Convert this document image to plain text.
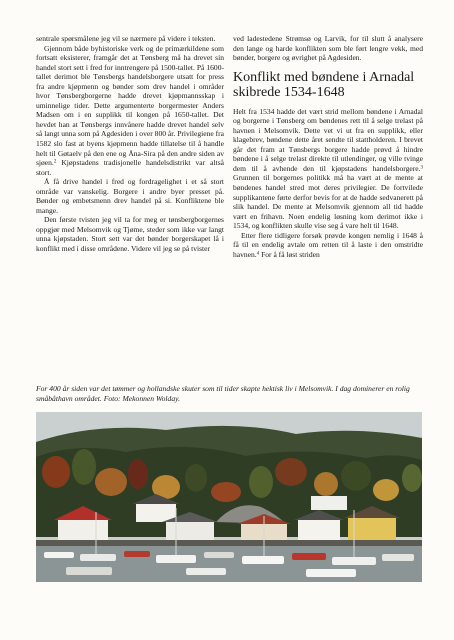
sentrale spørsmålene jeg vil se nærmere på videre i teksten.

Gjennom både byhistoriske verk og de primærkildene som fortsatt eksisterer, framgår det at Tønsberg må ha drevet sin handel stort sett i fred for inntrengere på 1500-tallet. På 1600-tallet derimot ble Tønsbergs handelsborgere utsatt for press fra andre kjøpmenn og bønder som drev handel i områder hvor Tønsbergborgerne hadde drevet kjøpmannsskap i uminnelige tider. Dette argumenterte borgermester Anders Madsen om i en supplikk til kongen på 1650-tallet. Det hevdet han at Tønsbergs innvånere hadde drevet handel selv så langt unna som på Agdesiden i over 800 år. Privilegiene fra 1582 slo fast at byens kjøpmenn hadde tillatelse til å handle helt til Gøtaelv på den ene og Åna-Sira på den andre siden av sjøen.$^2$ Kjøpstadens tradisjonelle handelsdistrikt var altså stort.

Å få drive handel i fred og fordragelighet i et så stort område var vanskelig. Borgere i andre byer presset på. Bønder og embetsmenn drev handel på si. Konfliktene ble mange.

Den første tvisten jeg vil ta for meg er tønsbergborgernes oppgjør med Melsomvik og Tjøme, steder som ikke var langt unna kjøpstaden. Stort sett var det bønder borgerskapet lå i konflikt med i disse områdene. Videre vil jeg se på tvister

ved ladestedene Strømsø og Larvik, for til slutt å analysere den lange og harde konflikten som ble ført lengre vekk, med bønder, borgere og øvrighet på Agdesiden.

Konflikt med bøndene i Arnadal skibrede 1534-1648

Helt fra 1534 hadde det vært strid mellom bøndene i Arnadal og borgerne i Tønsberg om bøndenes rett til å selge trelast på havnen i Melsomvik. Dette vet vi ut fra en supplikk, eller klagebrev, bøndene dette året sendte til stattholderen. I brevet går det fram at Tønsbergs borgere hadde prøvd å hindre bøndene i å selge trelast direkte til utlendinger, og ville tvinge dem til å avhende den til kjøpstadens handelsborgere.$^3$ Grunnen til borgernes politikk må ha vært at de mente at bøndenes handel stred mot deres privilegier. De fortvilede supplikantene førte derfor bevis for at de hadde sedvanerett på slik handel. De mente at Melsomvik gjennom all tid hadde vært en frihavn. Noen endelig løsning kom derimot ikke i 1534, og konflikten skulle vise seg å vare helt til 1648.

Etter flere tidligere forsøk prøvde kongen nemlig i 1648 å få til en endelig avtale om retten til å laste i den omstridte havnen.$^4$ For å få løst striden

For 400 år siden var det tømmer og hollandske skuter som til tider skapte hektisk liv i Melsomvik. I dag dominerer en rolig småbåthavn området. Foto: Mekonnen Wolday.
